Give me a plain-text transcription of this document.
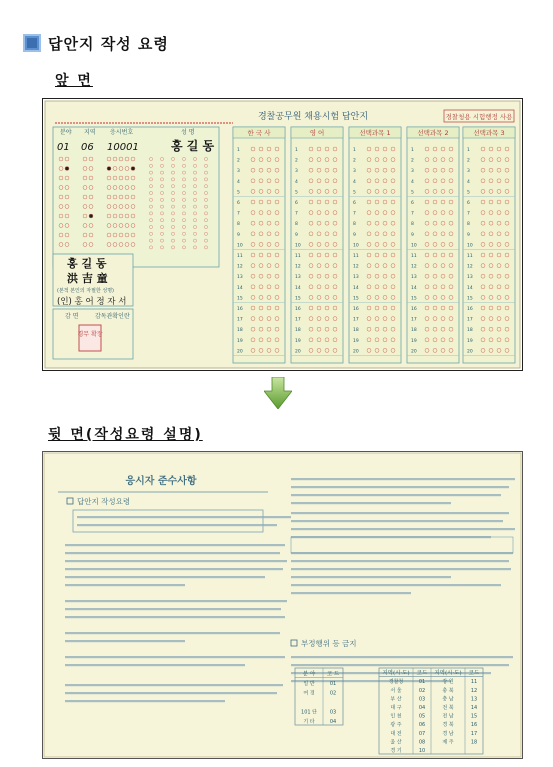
답안지 작성 요령
앞 면
경찰공무원 채용시험 답안지	경찰청용 시험행정 사용
분야 지역 응시번호	성 명
01 06 10001	홍 길 동
홍 길 동
洪 吉 童
(본적 본인의 자필한 성명)
(인) 홍 어 정 자 서
감 면	감독관확인란
경무 확장
한 국 사
1
2
3
4
5
6
7
8
9
10
11
12
13
14
15
16
17
18
19
20
영 어
1
2
3
4
5
6
7
8
9
10
11
12
13
14
15
16
17
18
19
20
선택과목 1
1
2
3
4
5
6
7
8
9
10
11
12
13
14
15
16
17
18
19
20
선택과목 2
1
2
3
4
5
6
7
8
9
10
11
12
13
14
15
16
17
18
19
20
선택과목 3
1
2
3
4
5
6
7
8
9
10
11
12
13
14
15
16
17
18
19
20
뒷 면(작성요령 설명)
응시자 준수사항
답안지 작성요령
부정행위 등 금지
분 야 코 드
일 반	01
여 경	02
101 단	03
기 타	04
지역(시·도) 코드 지역(시·도) 코드
경찰청	01	강 원	11
서 울	02	충 북	12
부 산	03	충 남	13
대 구	04	전 북	14
인 천	05	전 남	15
광 주	06	경 북	16
대 전	07	경 남	17
울 산	08	제 주	18
경 기	10
